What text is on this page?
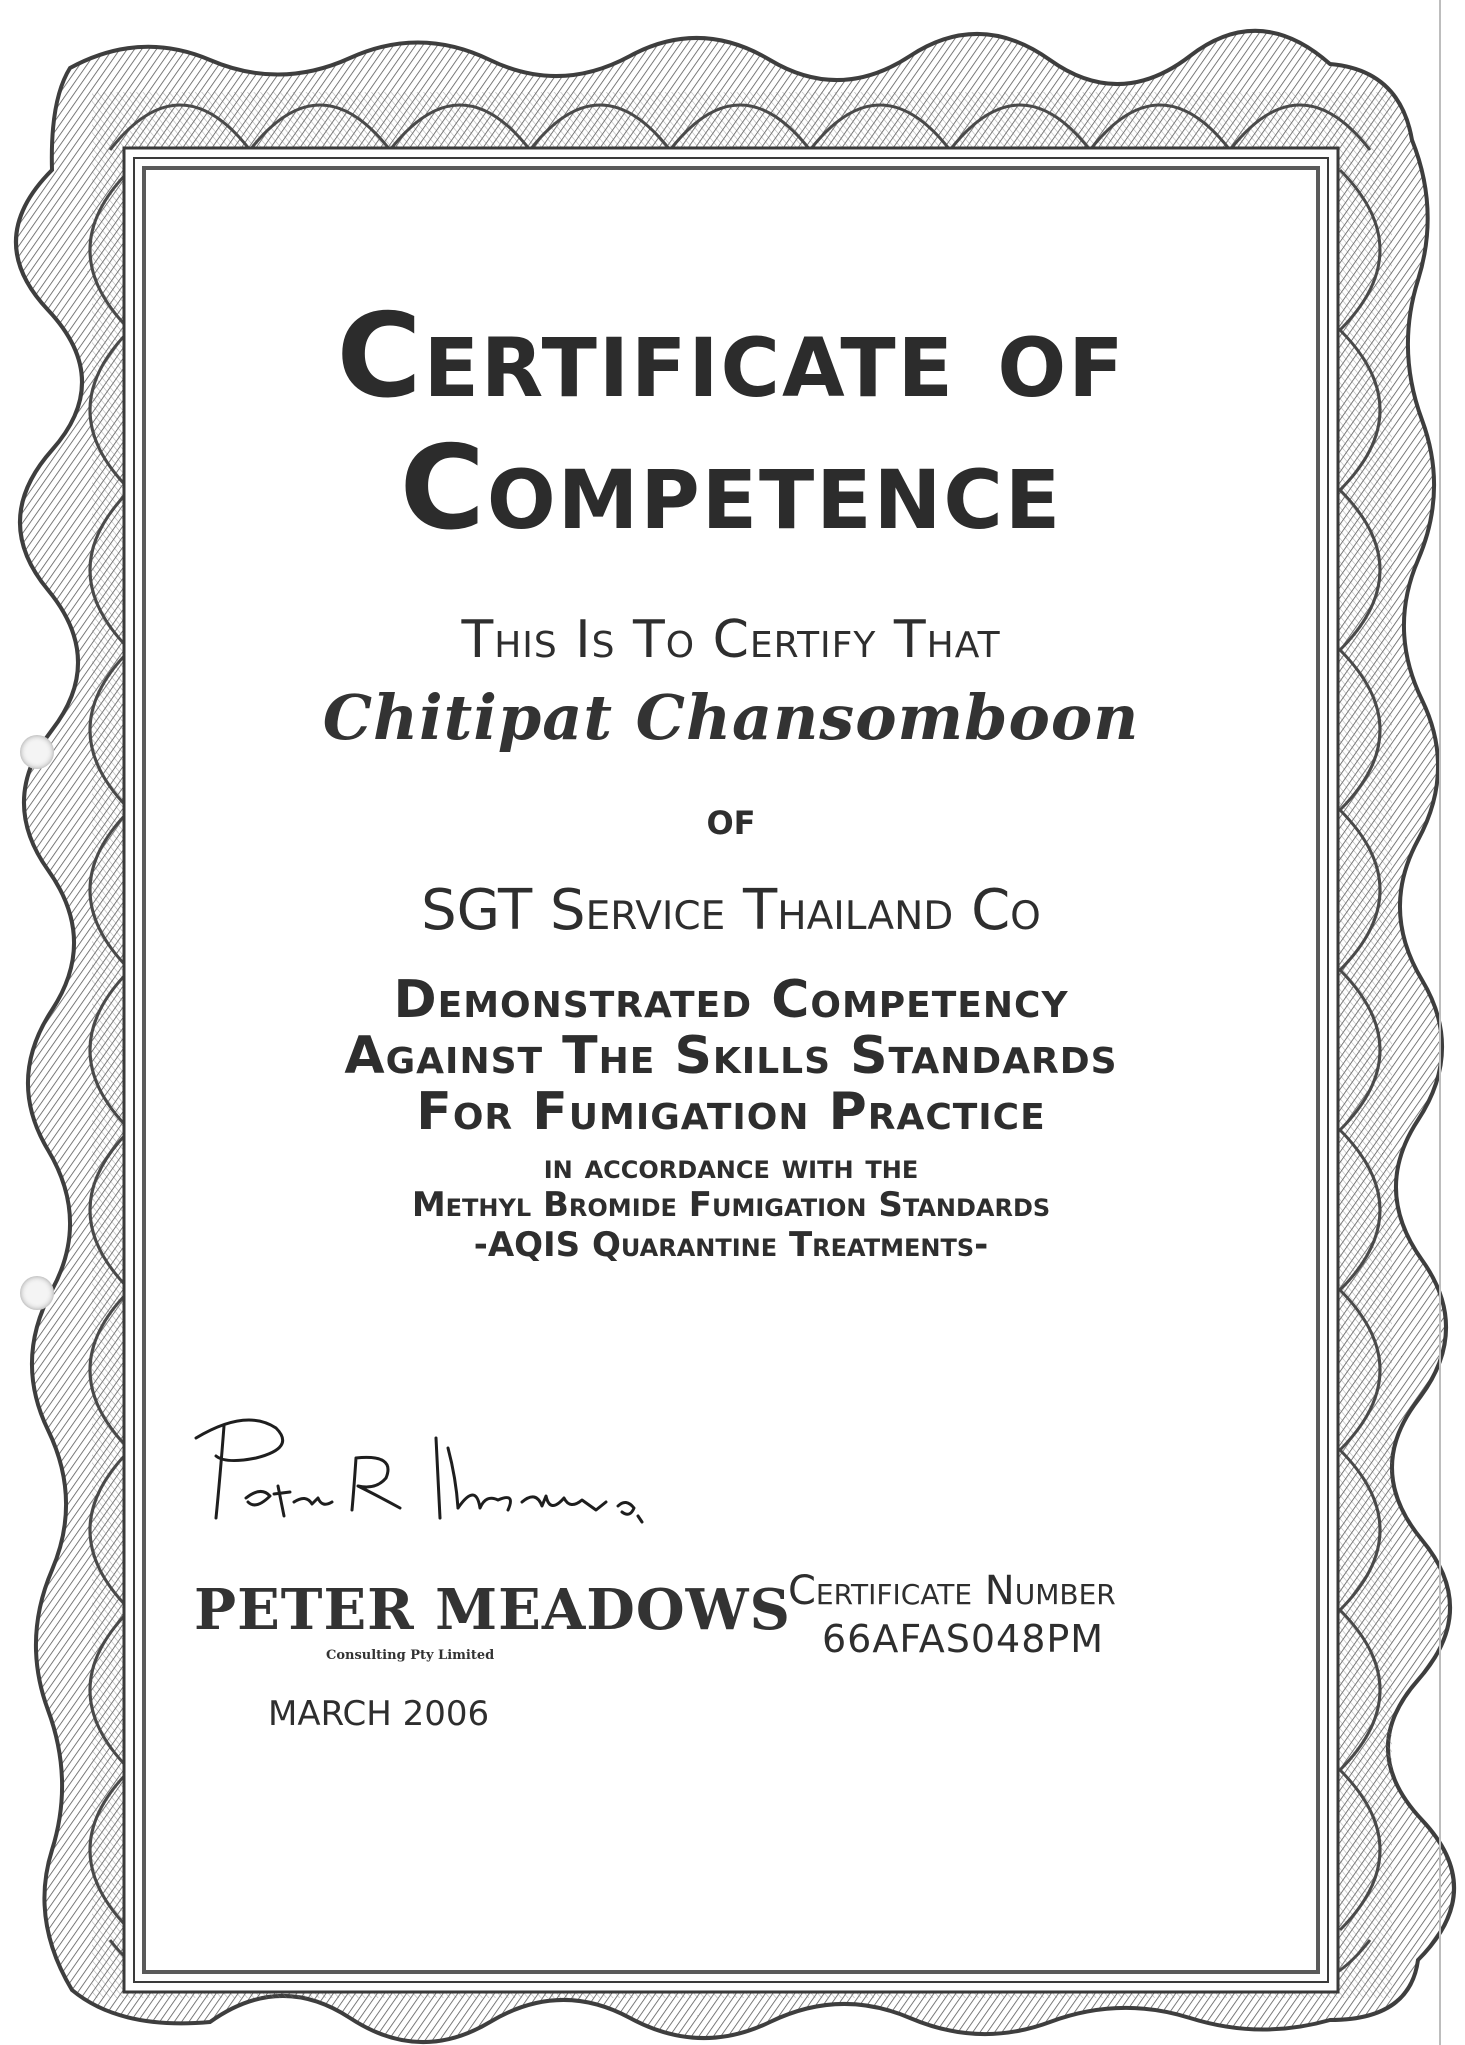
Certificate of

Competence

This Is To Certify That

Chitipat Chansomboon

of

SGT Service Thailand Co

Demonstrated Competency

Against The Skills Standards

For Fumigation Practice

in accordance with the

Methyl Bromide Fumigation Standards

-AQIS Quarantine Treatments-

PETER MEADOWS
Consulting Pty Limited
MARCH 2006
Certificate Number
66AFAS048PM
